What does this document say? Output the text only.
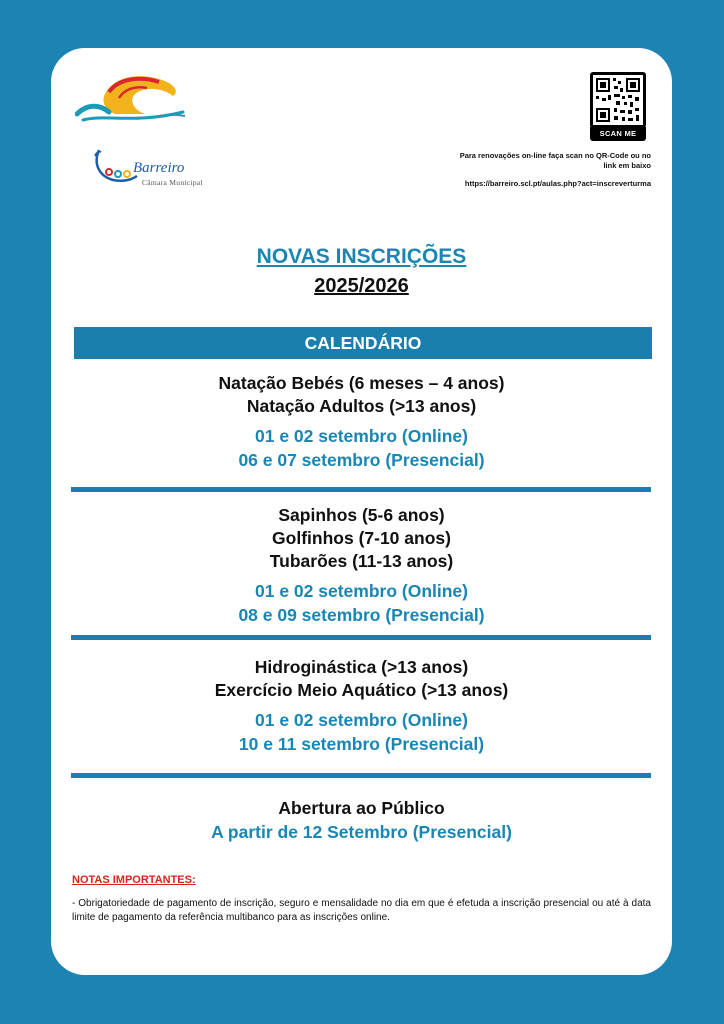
Barreiro
Câmara Municipal
SCAN ME
Para renovações on-line faça scan no QR-Code ou no link em baixo
https://barreiro.scl.pt/aulas.php?act=inscreverturma
NOVAS INSCRIÇÕES
2025/2026
CALENDÁRIO
Natação Bebés (6 meses – 4 anos)
Natação Adultos (>13 anos)
01 e 02 setembro (Online)
06 e 07 setembro (Presencial)
Sapinhos (5-6 anos)
Golfinhos (7-10 anos)
Tubarões (11-13 anos)
01 e 02 setembro (Online)
08 e 09 setembro (Presencial)
Hidroginástica (>13 anos)
Exercício Meio Aquático (>13 anos)
01 e 02 setembro (Online)
10 e 11 setembro (Presencial)
Abertura ao Público
A partir de 12 Setembro (Presencial)
NOTAS IMPORTANTES:
- Obrigatoriedade de pagamento de inscrição, seguro e mensalidade no dia em que é efetuda a inscrição presencial ou até à data limite de pagamento da referência multibanco para as inscrições online.
